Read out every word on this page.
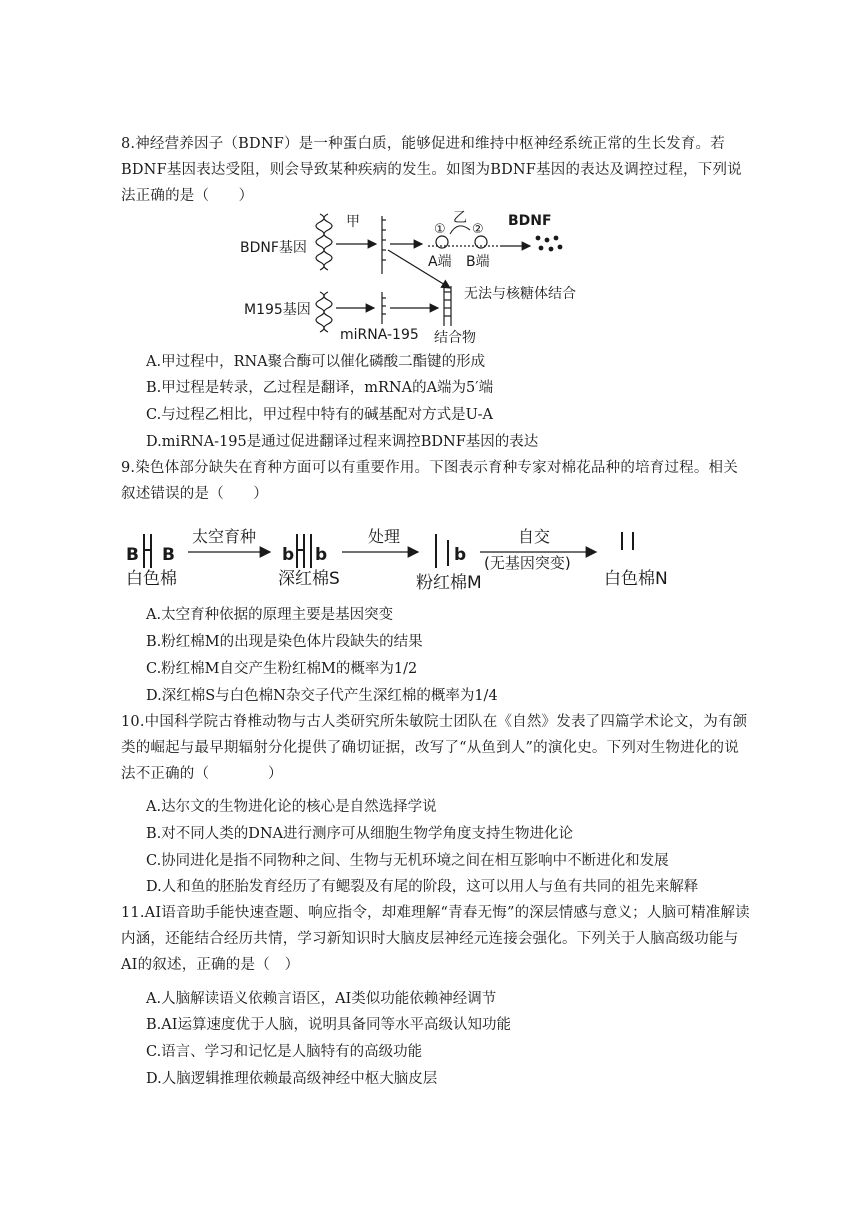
8.神经营养因子（BDNF）是一种蛋白质，能够促进和维持中枢神经系统正常的生长发育。若BDNF基因表达受阻，则会导致某种疾病的发生。如图为BDNF基因的表达及调控过程，下列说法正确的是（　　）
BDNF基因
甲	① ②
乙
A端 B端
BDNF
无法与核糖体结合
M195基因
miRNA-195 结合物
A.甲过程中，RNA聚合酶可以催化磷酸二酯键的形成
B.甲过程是转录，乙过程是翻译，mRNA的A端为5′端
C.与过程乙相比，甲过程中特有的碱基配对方式是U-A
D.miRNA-195是通过促进翻译过程来调控BDNF基因的表达
9.染色体部分缺失在育种方面可以有重要作用。下图表示育种专家对棉花品种的培育过程。相关叙述错误的是（　　）
B B
白色棉
太空育种
b b
深红棉S
处理
b
粉红棉M
自交
(无基因突变)
白色棉N
A.太空育种依据的原理主要是基因突变
B.粉红棉M的出现是染色体片段缺失的结果
C.粉红棉M自交产生粉红棉M的概率为1/2
D.深红棉S与白色棉N杂交子代产生深红棉的概率为1/4
10.中国科学院古脊椎动物与古人类研究所朱敏院士团队在《自然》发表了四篇学术论文，为有颌类的崛起与最早期辐射分化提供了确切证据，改写了“从鱼到人”的演化史。下列对生物进化的说法不正确的（　　　　）
A.达尔文的生物进化论的核心是自然选择学说
B.对不同人类的DNA进行测序可从细胞生物学角度支持生物进化论
C.协同进化是指不同物种之间、生物与无机环境之间在相互影响中不断进化和发展
D.人和鱼的胚胎发育经历了有鳃裂及有尾的阶段，这可以用人与鱼有共同的祖先来解释
11.AI语音助手能快速查题、响应指令，却难理解“青春无悔”的深层情感与意义；人脑可精准解读内涵，还能结合经历共情，学习新知识时大脑皮层神经元连接会强化。下列关于人脑高级功能与AI的叙述，正确的是（　）
A.人脑解读语义依赖言语区，AI类似功能依赖神经调节
B.AI运算速度优于人脑，说明具备同等水平高级认知功能
C.语言、学习和记忆是人脑特有的高级功能
D.人脑逻辑推理依赖最高级神经中枢大脑皮层
